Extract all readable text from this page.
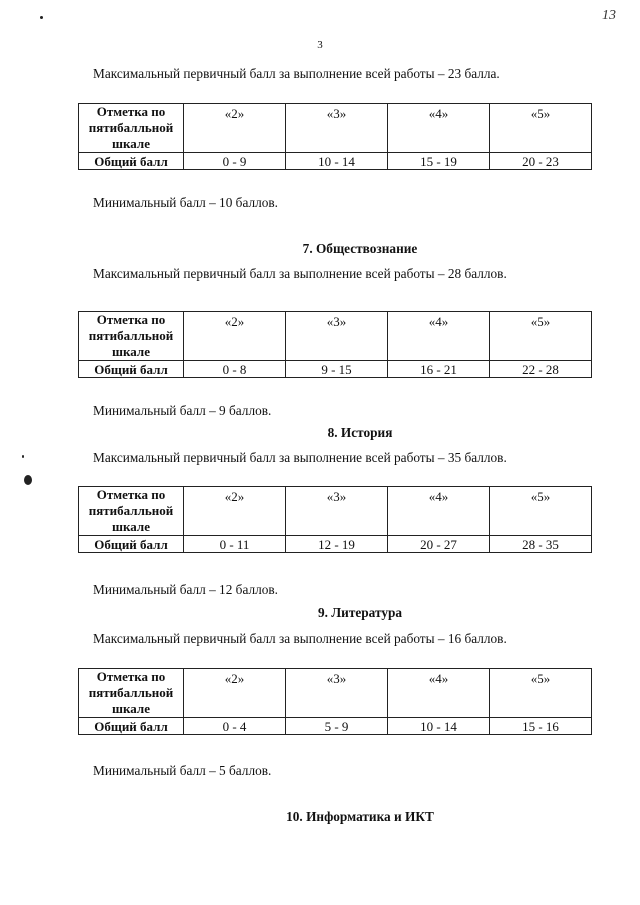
13
3
Максимальный первичный балл за выполнение всей работы – 23 балла.
Отметка по пятибалльной шкале	«2»	«3»	«4»	«5»
Общий балл	0 - 9	10 - 14	15 - 19	20 - 23
Минимальный балл – 10 баллов.
7. Обществознание
Максимальный первичный балл за выполнение всей работы – 28 баллов.
Отметка по пятибалльной шкале	«2»	«3»	«4»	«5»
Общий балл	0 - 8	9 - 15	16 - 21	22 - 28
Минимальный балл – 9 баллов.
8. История
Максимальный первичный балл за выполнение всей работы – 35 баллов.
Отметка по пятибалльной шкале	«2»	«3»	«4»	«5»
Общий балл	0 - 11	12 - 19	20 - 27	28 - 35
Минимальный балл – 12 баллов.
9. Литература
Максимальный первичный балл за выполнение всей работы – 16 баллов.
Отметка по пятибалльной шкале	«2»	«3»	«4»	«5»
Общий балл	0 - 4	5 - 9	10 - 14	15 - 16
Минимальный балл – 5 баллов.
10. Информатика и ИКТ
